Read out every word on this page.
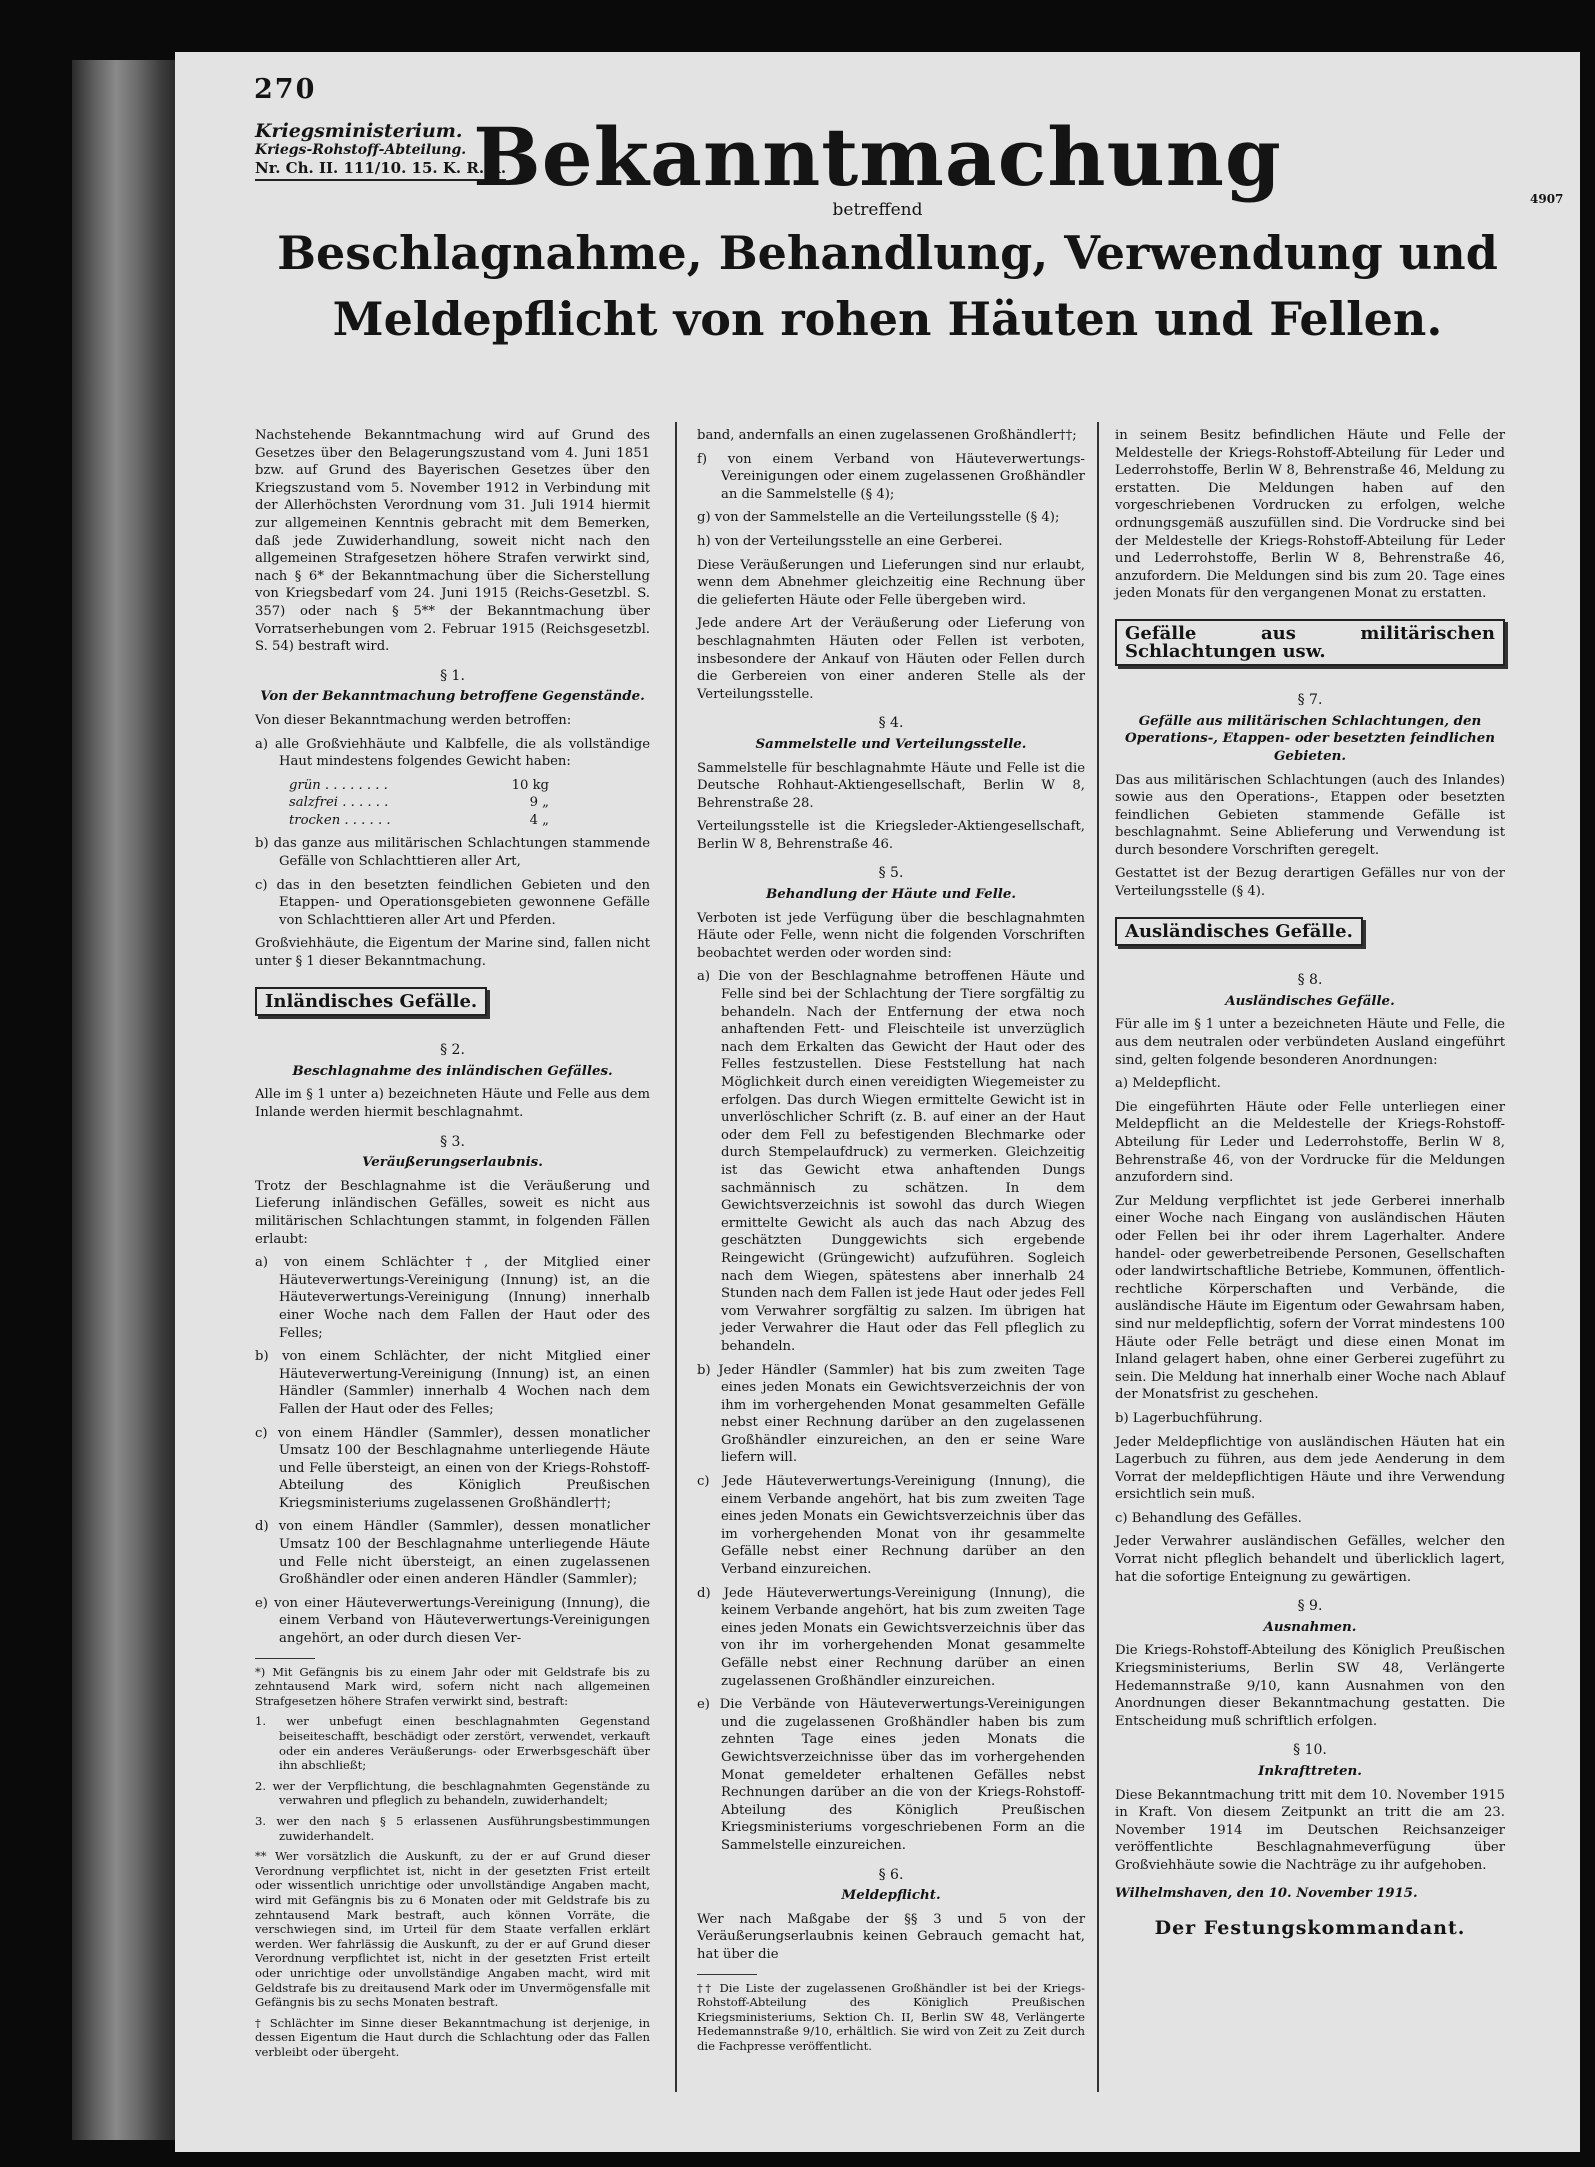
270
Kriegsministerium.
Kriegs-Rohstoff-Abteilung.
Nr. Ch. II. 111/10. 15. K. R. A.
Bekanntmachung
betreffend
4907
Beschlagnahme, Behandlung, Verwendung und Meldepflicht von rohen Häuten und Fellen.

Nachstehende Bekanntmachung wird auf Grund des Gesetzes über den Belagerungszustand vom 4. Juni 1851 bzw. auf Grund des Bayerischen Gesetzes über den Kriegszustand vom 5. November 1912 in Verbindung mit der Allerhöchsten Verordnung vom 31. Juli 1914 hiermit zur allgemeinen Kenntnis gebracht mit dem Bemerken, daß jede Zuwiderhandlung, soweit nicht nach den allgemeinen Strafgesetzen höhere Strafen verwirkt sind, nach § 6* der Bekanntmachung über die Sicherstellung von Kriegsbedarf vom 24. Juni 1915 (Reichs-Gesetzbl. S. 357) oder nach § 5** der Bekanntmachung über Vorratserhebungen vom 2. Februar 1915 (Reichsgesetzbl. S. 54) bestraft wird.

§ 1.
Von der Bekanntmachung betroffene Gegenstände.

Von dieser Bekanntmachung werden betroffen:

a) alle Großviehhäute und Kalbfelle, die als vollständige Haut mindestens folgendes Gewicht haben:

grün . . . . . . . .	10 kg
salzfrei . . . . . .	9 „
trocken . . . . . .	4 „

b) das ganze aus militärischen Schlachtungen stammende Gefälle von Schlachttieren aller Art,

c) das in den besetzten feindlichen Gebieten und den Etappen- und Operationsgebieten gewonnene Gefälle von Schlachttieren aller Art und Pferden.

Großviehhäute, die Eigentum der Marine sind, fallen nicht unter § 1 dieser Bekanntmachung.

Inländisches Gefälle.
§ 2.
Beschlagnahme des inländischen Gefälles.

Alle im § 1 unter a) bezeichneten Häute und Felle aus dem Inlande werden hiermit beschlagnahmt.

§ 3.
Veräußerungserlaubnis.

Trotz der Beschlagnahme ist die Veräußerung und Lieferung inländischen Gefälles, soweit es nicht aus militärischen Schlachtungen stammt, in folgenden Fällen erlaubt:

a) von einem Schlächter†, der Mitglied einer Häuteverwertungs-Vereinigung (Innung) ist, an die Häuteverwertungs-Vereinigung (Innung) innerhalb einer Woche nach dem Fallen der Haut oder des Felles;

b) von einem Schlächter, der nicht Mitglied einer Häuteverwertung-Vereinigung (Innung) ist, an einen Händler (Sammler) innerhalb 4 Wochen nach dem Fallen der Haut oder des Felles;

c) von einem Händler (Sammler), dessen monatlicher Umsatz 100 der Beschlagnahme unterliegende Häute und Felle übersteigt, an einen von der Kriegs-Rohstoff-Abteilung des Königlich Preußischen Kriegsministeriums zugelassenen Großhändler††;

d) von einem Händler (Sammler), dessen monatlicher Umsatz 100 der Beschlagnahme unterliegende Häute und Felle nicht übersteigt, an einen zugelassenen Großhändler oder einen anderen Händler (Sammler);

e) von einer Häuteverwertungs-Vereinigung (Innung), die einem Verband von Häuteverwertungs-Vereinigungen angehört, an oder durch diesen Ver-

*) Mit Gefängnis bis zu einem Jahr oder mit Geldstrafe bis zu zehntausend Mark wird, sofern nicht nach allgemeinen Strafgesetzen höhere Strafen verwirkt sind, bestraft:

1. wer unbefugt einen beschlagnahmten Gegenstand beiseiteschafft, beschädigt oder zerstört, verwendet, verkauft oder ein anderes Veräußerungs- oder Erwerbsgeschäft über ihn abschließt;

2. wer der Verpflichtung, die beschlagnahmten Gegenstände zu verwahren und pfleglich zu behandeln, zuwiderhandelt;

3. wer den nach § 5 erlassenen Ausführungsbestimmungen zuwiderhandelt.

** Wer vorsätzlich die Auskunft, zu der er auf Grund dieser Verordnung verpflichtet ist, nicht in der gesetzten Frist erteilt oder wissentlich unrichtige oder unvollständige Angaben macht, wird mit Gefängnis bis zu 6 Monaten oder mit Geldstrafe bis zu zehntausend Mark bestraft, auch können Vorräte, die verschwiegen sind, im Urteil für dem Staate verfallen erklärt werden. Wer fahrlässig die Auskunft, zu der er auf Grund dieser Verordnung verpflichtet ist, nicht in der gesetzten Frist erteilt oder unrichtige oder unvollständige Angaben macht, wird mit Geldstrafe bis zu dreitausend Mark oder im Unvermögensfalle mit Gefängnis bis zu sechs Monaten bestraft.

† Schlächter im Sinne dieser Bekanntmachung ist derjenige, in dessen Eigentum die Haut durch die Schlachtung oder das Fallen verbleibt oder übergeht.

band, andernfalls an einen zugelassenen Großhändler††;

f) von einem Verband von Häuteverwertungs-Vereinigungen oder einem zugelassenen Großhändler an die Sammelstelle (§ 4);

g) von der Sammelstelle an die Verteilungsstelle (§ 4);

h) von der Verteilungsstelle an eine Gerberei.

Diese Veräußerungen und Lieferungen sind nur erlaubt, wenn dem Abnehmer gleichzeitig eine Rechnung über die gelieferten Häute oder Felle übergeben wird.

Jede andere Art der Veräußerung oder Lieferung von beschlagnahmten Häuten oder Fellen ist verboten, insbesondere der Ankauf von Häuten oder Fellen durch die Gerbereien von einer anderen Stelle als der Verteilungsstelle.

§ 4.
Sammelstelle und Verteilungsstelle.

Sammelstelle für beschlagnahmte Häute und Felle ist die Deutsche Rohhaut-Aktiengesellschaft, Berlin W 8, Behrenstraße 28.

Verteilungsstelle ist die Kriegsleder-Aktiengesellschaft, Berlin W 8, Behrenstraße 46.

§ 5.
Behandlung der Häute und Felle.

Verboten ist jede Verfügung über die beschlagnahmten Häute oder Felle, wenn nicht die folgenden Vorschriften beobachtet werden oder worden sind:

a) Die von der Beschlagnahme betroffenen Häute und Felle sind bei der Schlachtung der Tiere sorgfältig zu behandeln. Nach der Entfernung der etwa noch anhaftenden Fett- und Fleischteile ist unverzüglich nach dem Erkalten das Gewicht der Haut oder des Felles festzustellen. Diese Feststellung hat nach Möglichkeit durch einen vereidigten Wiegemeister zu erfolgen. Das durch Wiegen ermittelte Gewicht ist in unverlöschlicher Schrift (z. B. auf einer an der Haut oder dem Fell zu befestigenden Blechmarke oder durch Stempelaufdruck) zu vermerken. Gleichzeitig ist das Gewicht etwa anhaftenden Dungs sachmännisch zu schätzen. In dem Gewichtsverzeichnis ist sowohl das durch Wiegen ermittelte Gewicht als auch das nach Abzug des geschätzten Dunggewichts sich ergebende Reingewicht (Grüngewicht) aufzuführen. Sogleich nach dem Wiegen, spätestens aber innerhalb 24 Stunden nach dem Fallen ist jede Haut oder jedes Fell vom Verwahrer sorgfältig zu salzen. Im übrigen hat jeder Verwahrer die Haut oder das Fell pfleglich zu behandeln.

b) Jeder Händler (Sammler) hat bis zum zweiten Tage eines jeden Monats ein Gewichtsverzeichnis der von ihm im vorhergehenden Monat gesammelten Gefälle nebst einer Rechnung darüber an den zugelassenen Großhändler einzureichen, an den er seine Ware liefern will.

c) Jede Häuteverwertungs-Vereinigung (Innung), die einem Verbande angehört, hat bis zum zweiten Tage eines jeden Monats ein Gewichtsverzeichnis über das im vorhergehenden Monat von ihr gesammelte Gefälle nebst einer Rechnung darüber an den Verband einzureichen.

d) Jede Häuteverwertungs-Vereinigung (Innung), die keinem Verbande angehört, hat bis zum zweiten Tage eines jeden Monats ein Gewichtsverzeichnis über das von ihr im vorhergehenden Monat gesammelte Gefälle nebst einer Rechnung darüber an einen zugelassenen Großhändler einzureichen.

e) Die Verbände von Häuteverwertungs-Vereinigungen und die zugelassenen Großhändler haben bis zum zehnten Tage eines jeden Monats die Gewichtsverzeichnisse über das im vorhergehenden Monat gemeldeter erhaltenen Gefälles nebst Rechnungen darüber an die von der Kriegs-Rohstoff-Abteilung des Königlich Preußischen Kriegsministeriums vorgeschriebenen Form an die Sammelstelle einzureichen.

§ 6.
Meldepflicht.

Wer nach Maßgabe der §§ 3 und 5 von der Veräußerungserlaubnis keinen Gebrauch gemacht hat, hat über die

†† Die Liste der zugelassenen Großhändler ist bei der Kriegs-Rohstoff-Abteilung des Königlich Preußischen Kriegsministeriums, Sektion Ch. II, Berlin SW 48, Verlängerte Hedemannstraße 9/10, erhältlich. Sie wird von Zeit zu Zeit durch die Fachpresse veröffentlicht.

in seinem Besitz befindlichen Häute und Felle der Meldestelle der Kriegs-Rohstoff-Abteilung für Leder und Lederrohstoffe, Berlin W 8, Behrenstraße 46, Meldung zu erstatten. Die Meldungen haben auf den vorgeschriebenen Vordrucken zu erfolgen, welche ordnungsgemäß auszufüllen sind. Die Vordrucke sind bei der Meldestelle der Kriegs-Rohstoff-Abteilung für Leder und Lederrohstoffe, Berlin W 8, Behrenstraße 46, anzufordern. Die Meldungen sind bis zum 20. Tage eines jeden Monats für den vergangenen Monat zu erstatten.

Gefälle aus militärischen Schlachtungen usw.
§ 7.
Gefälle aus militärischen Schlachtungen, den Operations-, Etappen- oder besetzten feindlichen Gebieten.

Das aus militärischen Schlachtungen (auch des Inlandes) sowie aus den Operations-, Etappen oder besetzten feindlichen Gebieten stammende Gefälle ist beschlagnahmt. Seine Ablieferung und Verwendung ist durch besondere Vorschriften geregelt.

Gestattet ist der Bezug derartigen Gefälles nur von der Verteilungsstelle (§ 4).

Ausländisches Gefälle.
§ 8.
Ausländisches Gefälle.

Für alle im § 1 unter a bezeichneten Häute und Felle, die aus dem neutralen oder verbündeten Ausland eingeführt sind, gelten folgende besonderen Anordnungen:

a) Meldepflicht.

Die eingeführten Häute oder Felle unterliegen einer Meldepflicht an die Meldestelle der Kriegs-Rohstoff-Abteilung für Leder und Lederrohstoffe, Berlin W 8, Behrenstraße 46, von der Vordrucke für die Meldungen anzufordern sind.

Zur Meldung verpflichtet ist jede Gerberei innerhalb einer Woche nach Eingang von ausländischen Häuten oder Fellen bei ihr oder ihrem Lagerhalter. Andere handel- oder gewerbetreibende Personen, Gesellschaften oder landwirtschaftliche Betriebe, Kommunen, öffentlich-rechtliche Körperschaften und Verbände, die ausländische Häute im Eigentum oder Gewahrsam haben, sind nur meldepflichtig, sofern der Vorrat mindestens 100 Häute oder Felle beträgt und diese einen Monat im Inland gelagert haben, ohne einer Gerberei zugeführt zu sein. Die Meldung hat innerhalb einer Woche nach Ablauf der Monatsfrist zu geschehen.

b) Lagerbuchführung.

Jeder Meldepflichtige von ausländischen Häuten hat ein Lagerbuch zu führen, aus dem jede Aenderung in dem Vorrat der meldepflichtigen Häute und ihre Verwendung ersichtlich sein muß.

c) Behandlung des Gefälles.

Jeder Verwahrer ausländischen Gefälles, welcher den Vorrat nicht pfleglich behandelt und überlicklich lagert, hat die sofortige Enteignung zu gewärtigen.

§ 9.
Ausnahmen.

Die Kriegs-Rohstoff-Abteilung des Königlich Preußischen Kriegsministeriums, Berlin SW 48, Verlängerte Hedemannstraße 9/10, kann Ausnahmen von den Anordnungen dieser Bekanntmachung gestatten. Die Entscheidung muß schriftlich erfolgen.

§ 10.
Inkrafttreten.

Diese Bekanntmachung tritt mit dem 10. November 1915 in Kraft. Von diesem Zeitpunkt an tritt die am 23. November 1914 im Deutschen Reichsanzeiger veröffentlichte Beschlagnahmeverfügung über Großviehhäute sowie die Nachträge zu ihr aufgehoben.

Wilhelmshaven, den 10. November 1915.
Der Festungskommandant.
